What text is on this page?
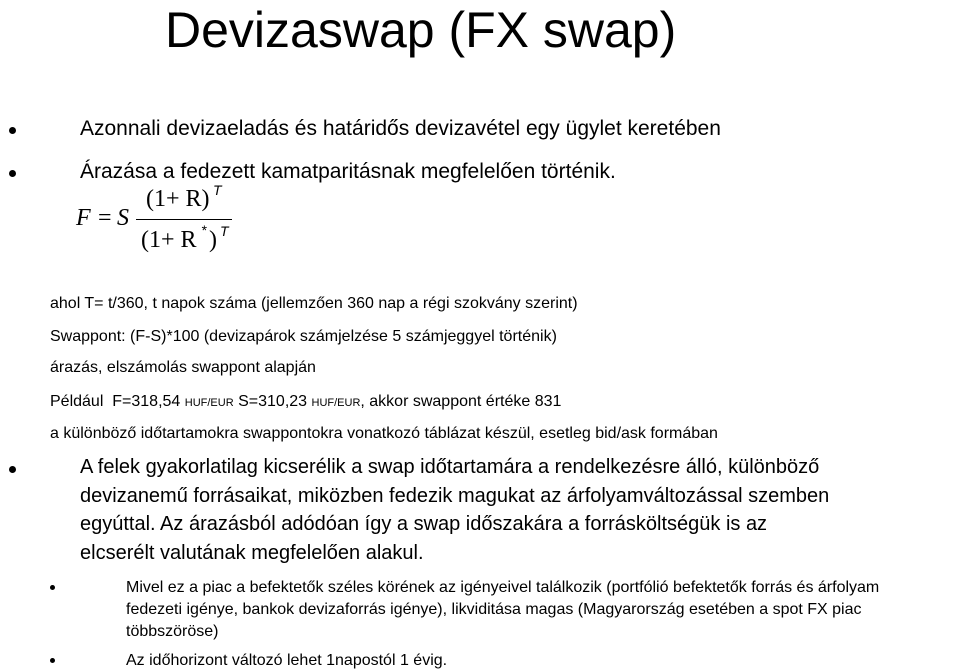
Devizaswap (FX swap)
Azonnali devizaeladás és határidős devizavétel egy ügylet keretében
Árazása a fedezett kamatparitásnak megfelelően történik.
F = S
(1+ R) T
(1+ R * ) T
ahol T= t/360, t napok száma (jellemzően 360 nap a régi szokvány szerint)
Swappont: (F-S)*100 (devizapárok számjelzése 5 számjeggyel történik)
árazás, elszámolás swappont alapján
Például  F=318,54 HUF/EUR S=310,23 HUF/EUR, akkor swappont értéke 831
a különböző időtartamokra swappontokra vonatkozó táblázat készül, esetleg bid/ask formában
A felek gyakorlatilag kicserélik a swap időtartamára a rendelkezésre álló, különböző
devizanemű forrásaikat, miközben fedezik magukat az árfolyamváltozással szemben
egyúttal. Az árazásból adódóan így a swap időszakára a forrásköltségük is az
elcserélt valutának megfelelően alakul.
Mivel ez a piac a befektetők széles körének az igényeivel találkozik (portfólió befektetők forrás és árfolyam
fedezeti igénye, bankok devizaforrás igénye), likviditása magas (Magyarország esetében a spot FX piac
többszöröse)
Az időhorizont változó lehet 1napostól 1 évig.
